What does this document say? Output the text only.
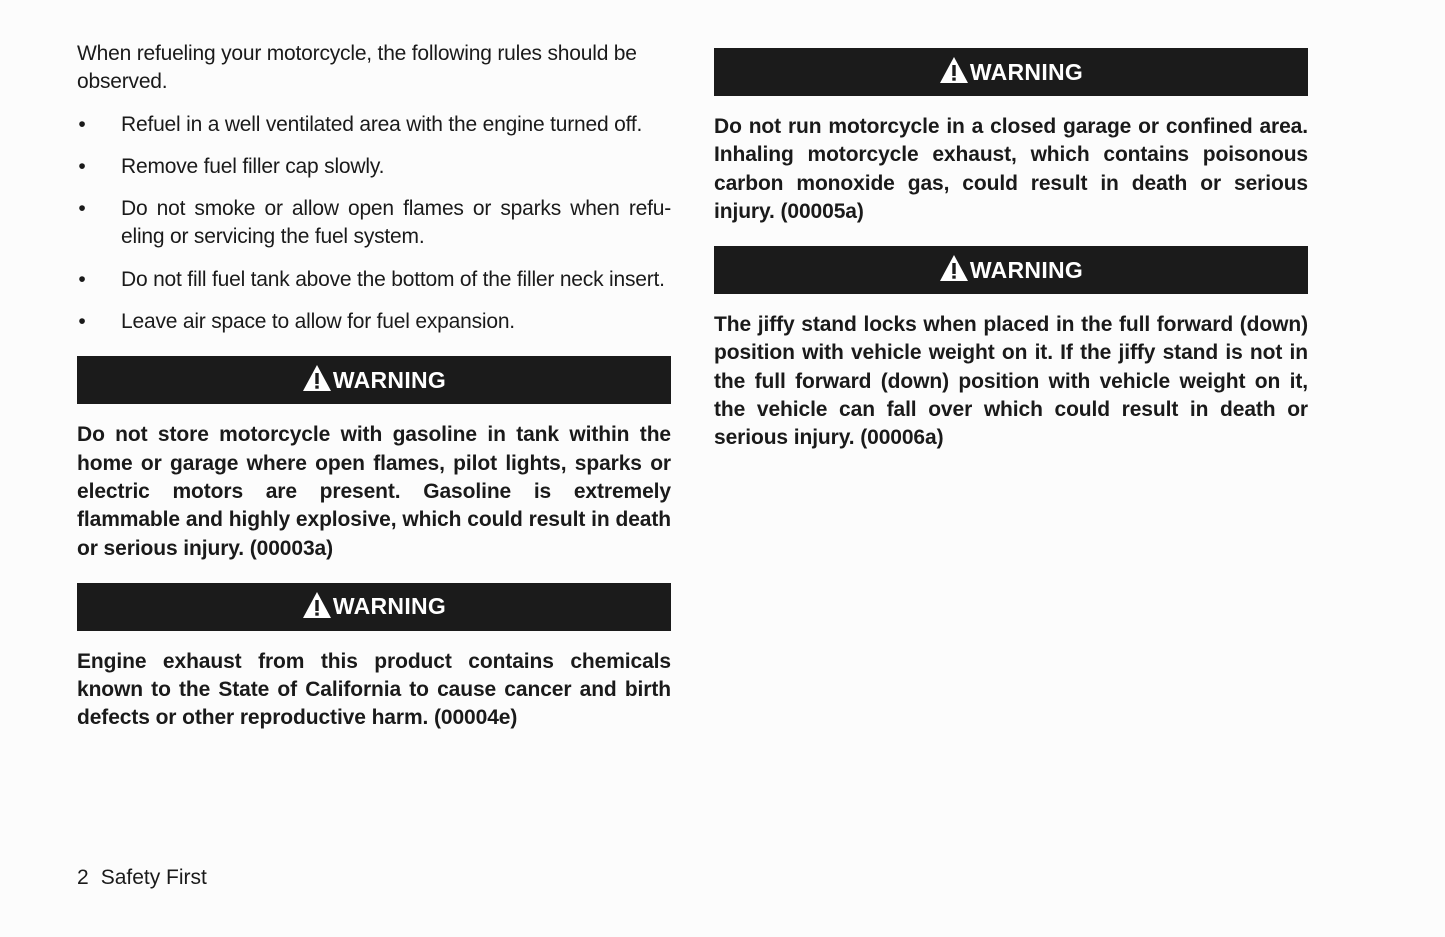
When refueling your motorcycle, the following rules should be observed.

• Refuel in a well ventilated area with the engine turned off.
• Remove fuel filler cap slowly.
• Do not smoke or allow open flames or sparks when refu-eling or servicing the fuel system.
• Do not fill fuel tank above the bottom of the filler neck insert.
• Leave air space to allow for fuel expansion.
WARNING

Do not store motorcycle with gasoline in tank within the home or garage where open flames, pilot lights, sparks or electric motors are present. Gasoline is extremely flammable and highly explosive, which could result in death or serious injury. (00003a)

WARNING

Engine exhaust from this product contains chemicals known to the State of California to cause cancer and birth defects or other reproductive harm. (00004e)

WARNING

Do not run motorcycle in a closed garage or confined area. Inhaling motorcycle exhaust, which contains poisonous carbon monoxide gas, could result in death or serious injury. (00005a)

WARNING

The jiffy stand locks when placed in the full forward (down) position with vehicle weight on it. If the jiffy stand is not in the full forward (down) position with vehicle weight on it, the vehicle can fall over which could result in death or serious injury. (00006a)

2 Safety First
